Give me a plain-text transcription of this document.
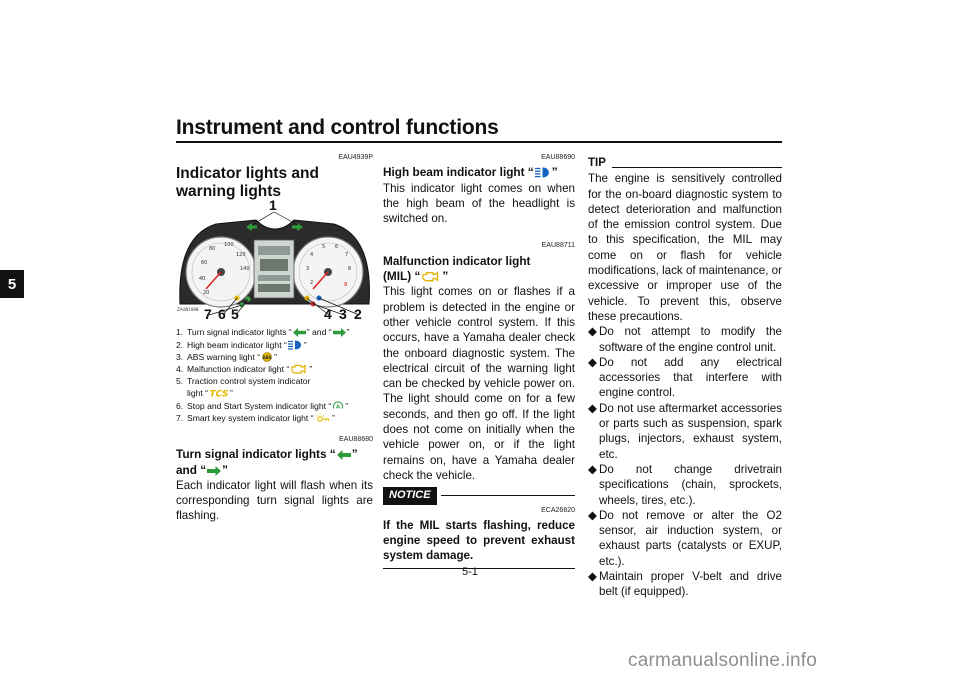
Instrument and control functions
5
EAU4939P
Indicator lights and warning lights
60
80
100
120
140
40
20
3
4
5 6
7
8
2	9
ZAUN1898
1
7 6 5	4 3 2
1. Turn signal indicator lights “ ” and “ ”
2. High beam indicator light “ ”
3. ABS warning light “ ABS ”
4. Malfunction indicator light “ ”
5. Traction control system indicator
light “ TCS ”
6. Stop and Start System indicator light “ A ”
7. Smart key system indicator light “ ”
EAU88680
Turn signal indicator lights “ ”
and “ ”

Each indicator light will flash when its corresponding turn signal lights are flashing.

EAU88690
High beam indicator light “ ”

This indicator light comes on when the high beam of the headlight is switched on.

EAU88711
Malfunction indicator light
(MIL) “ ”

This light comes on or flashes if a problem is detected in the engine or other vehicle control system. If this occurs, have a Yamaha dealer check the onboard diagnostic system. The electrical circuit of the warning light can be checked by vehicle power on. The light should come on for a few seconds, and then go off. If the light does not come on initially when the vehicle power on, or if the light remains on, have a Yamaha dealer check the vehicle.

NOTICE
ECA26820

If the MIL starts flashing, reduce engine speed to prevent exhaust system damage.

TIP

The engine is sensitively controlled for the on-board diagnostic system to detect deterioration and malfunction of the emission control system. Due to this specification, the MIL may come on or flash for vehicle modifications, lack of maintenance, or excessive or improper use of the vehicle. To prevent this, observe these precautions.

◆ Do not attempt to modify the software of the engine control unit.
◆ Do not add any electrical accessories that interfere with engine control.
◆ Do not use aftermarket accessories or parts such as suspension, spark plugs, injectors, exhaust system, etc.
◆ Do not change drivetrain specifications (chain, sprockets, wheels, tires, etc.).
◆ Do not remove or alter the O2 sensor, air induction system, or exhaust parts (catalysts or EXUP, etc.).
◆ Maintain proper V-belt and drive belt (if equipped).
5-1
carmanualsonline.info
